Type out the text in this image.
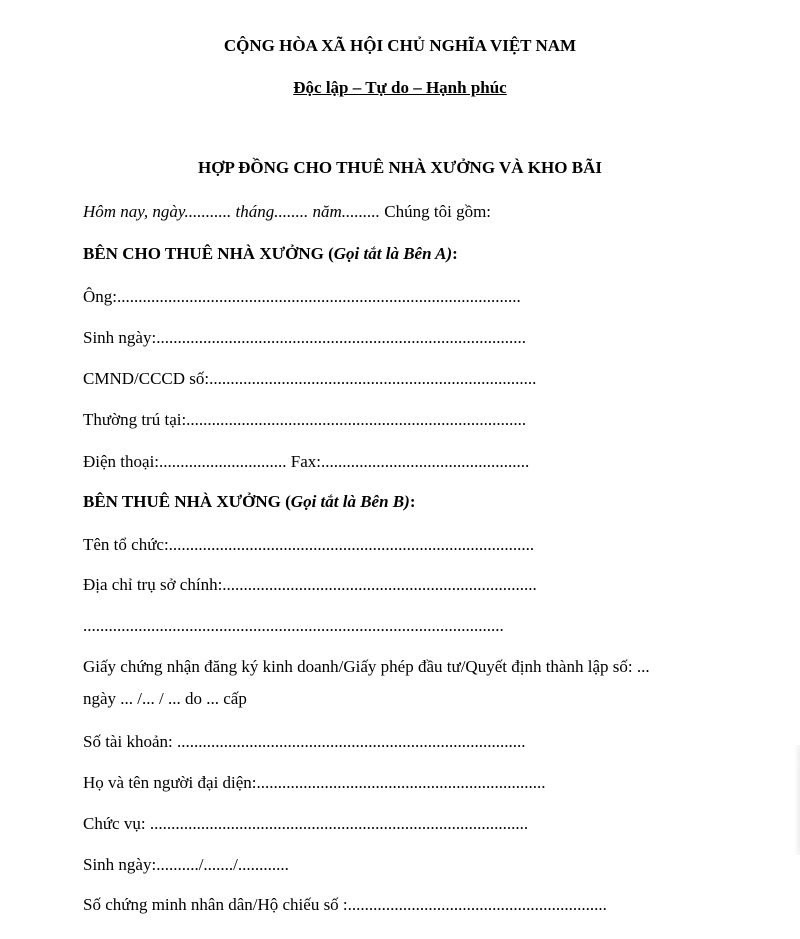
CỘNG HÒA XÃ HỘI CHỦ NGHĨA VIỆT NAM
Độc lập – Tự do – Hạnh phúc
HỢP ĐỒNG CHO THUÊ NHÀ XƯỞNG VÀ KHO BÃI
Hôm nay, ngày........... tháng........ năm......... Chúng tôi gồm:
BÊN CHO THUÊ NHÀ XƯỞNG (Gọi tắt là Bên A):
Ông:...............................................................................................
Sinh ngày:.......................................................................................
CMND/CCCD số:.............................................................................
Thường trú tại:................................................................................
Điện thoại:.............................. Fax:.................................................
BÊN THUÊ NHÀ XƯỞNG (Gọi tắt là Bên B):
Tên tổ chức:......................................................................................
Địa chỉ trụ sở chính:..........................................................................
...................................................................................................
Giấy chứng nhận đăng ký kinh doanh/Giấy phép đầu tư/Quyết định thành lập số: ...
ngày ... /... / ... do ... cấp
Số tài khoản: ..................................................................................
Họ và tên người đại diện:....................................................................
Chức vụ: .........................................................................................
Sinh ngày:........../......./............
Số chứng minh nhân dân/Hộ chiếu số :.............................................................
